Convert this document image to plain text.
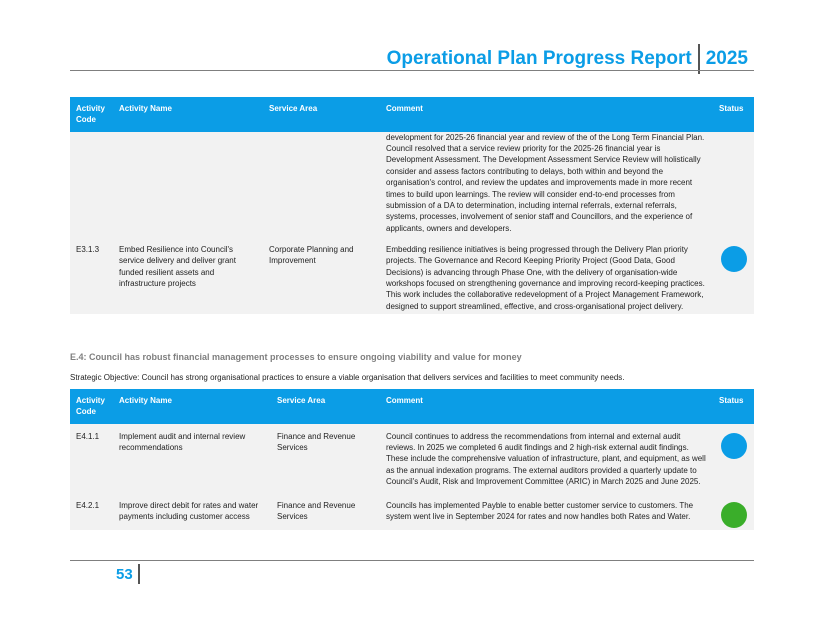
Operational Plan Progress Report 2025
Activity Code	Activity Name	Service Area	Comment	Status
			development for 2025-26 financial year and review of the of the Long Term Financial Plan. Council resolved that a service review priority for the 2025-26 financial year is Development Assessment. The Development Assessment Service Review will holistically consider and assess factors contributing to delays, both within and beyond the organisation's control, and review the updates and improvements made in more recent times to build upon learnings. The review will consider end-to-end processes from submission of a DA to determination, including internal referrals, external referrals, systems, processes, involvement of senior staff and Councillors, and the experience of applicants, owners and developers.	
E3.1.3	Embed Resilience into Council's service delivery and deliver grant funded resilient assets and infrastructure projects	Corporate Planning and Improvement	Embedding resilience initiatives is being progressed through the Delivery Plan priority projects. The Governance and Record Keeping Priority Project (Good Data, Good Decisions) is advancing through Phase One, with the delivery of organisation-wide workshops focused on strengthening governance and improving record-keeping practices. This work includes the collaborative redevelopment of a Project Management Framework, designed to support streamlined, effective, and cross-organisational project delivery.	
E.4: Council has robust financial management processes to ensure ongoing viability and value for money
Strategic Objective: Council has strong organisational practices to ensure a viable organisation that delivers services and facilities to meet community needs.
Activity Code	Activity Name	Service Area	Comment	Status
E4.1.1	Implement audit and internal review recommendations	Finance and Revenue Services	Council continues to address the recommendations from internal and external audit reviews. In 2025 we completed 6 audit findings and 2 high-risk external audit findings. These include the comprehensive valuation of infrastructure, plant, and equipment, as well as the annual indexation programs. The external auditors provided a quarterly update to Council's Audit, Risk and Improvement Committee (ARIC) in March 2025 and June 2025.	

E4.2.1	Improve direct debit for rates and water payments including customer access	Finance and Revenue Services	Councils has implemented Payble to enable better customer service to customers. The system went live in September 2024 for rates and now handles both Rates and Water.	
53
